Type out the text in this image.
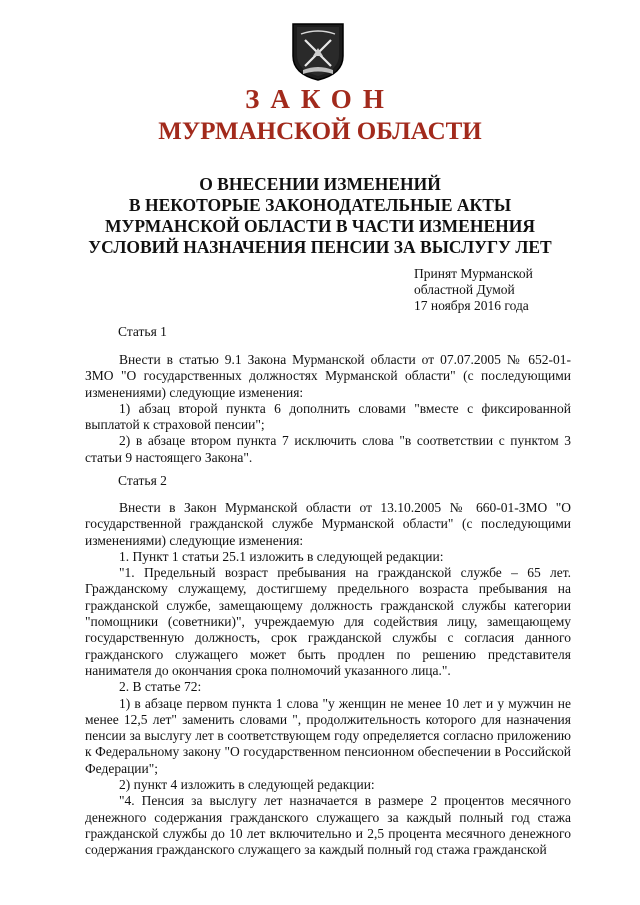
ЗАКОН
МУРМАНСКОЙ ОБЛАСТИ
О ВНЕСЕНИИ ИЗМЕНЕНИЙ
В НЕКОТОРЫЕ ЗАКОНОДАТЕЛЬНЫЕ АКТЫ
МУРМАНСКОЙ ОБЛАСТИ В ЧАСТИ ИЗМЕНЕНИЯ
УСЛОВИЙ НАЗНАЧЕНИЯ ПЕНСИИ ЗА ВЫСЛУГУ ЛЕТ
Принят Мурманской
областной Думой
17 ноября 2016 года
Статья 1

Внести в статью 9.1 Закона Мурманской области от 07.07.2005 № 652-01-ЗМО "О государственных должностях Мурманской области" (с последующими изменениями) следующие изменения:

1) абзац второй пункта 6 дополнить словами "вместе с фиксированной выплатой к страховой пенсии";

2) в абзаце втором пункта 7 исключить слова "в соответствии с пунктом 3 статьи 9 настоящего Закона".

Статья 2

Внести в Закон Мурманской области от 13.10.2005 № 660-01-ЗМО "О государственной гражданской службе Мурманской области" (с последующими изменениями) следующие изменения:

1. Пункт 1 статьи 25.1 изложить в следующей редакции:

"1. Предельный возраст пребывания на гражданской службе – 65 лет. Гражданскому служащему, достигшему предельного возраста пребывания на гражданской службе, замещающему должность гражданской службы категории "помощники (советники)", учреждаемую для содействия лицу, замещающему государственную должность, срок гражданской службы с согласия данного гражданского служащего может быть продлен по решению представителя нанимателя до окончания срока полномочий указанного лица.".

2. В статье 72:

1) в абзаце первом пункта 1 слова "у женщин не менее 10 лет и у мужчин не менее 12,5 лет" заменить словами ", продолжительность которого для назначения пенсии за выслугу лет в соответствующем году определяется согласно приложению к Федеральному закону "О государственном пенсионном обеспечении в Российской Федерации";

2) пункт 4 изложить в следующей редакции:

"4. Пенсия за выслугу лет назначается в размере 2 процентов месячного денежного содержания гражданского служащего за каждый полный год стажа гражданской службы до 10 лет включительно и 2,5 процента месячного денежного содержания гражданского служащего за каждый полный год стажа гражданской
